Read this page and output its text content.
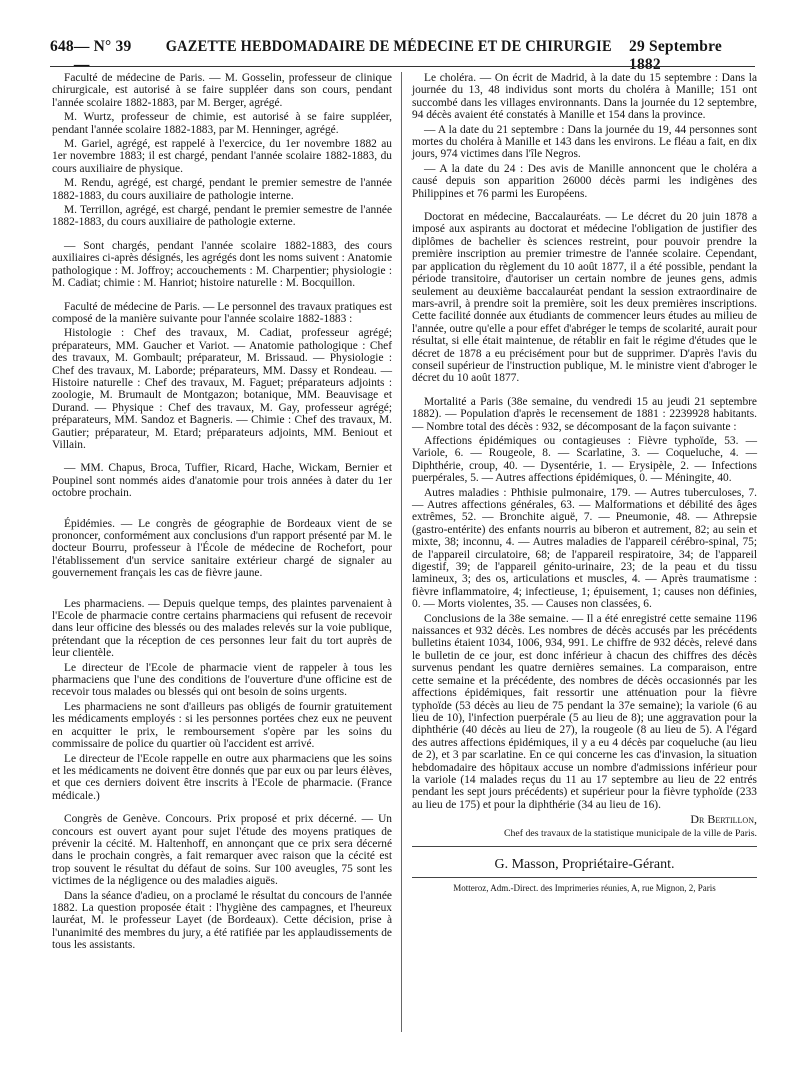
648 — N° 39 —
GAZETTE HEBDOMADAIRE DE MÉDECINE ET DE CHIRURGIE 29 Septembre 1882

Faculté de médecine de Paris. — M. Gosselin, professeur de clinique chirurgicale, est autorisé à se faire suppléer dans son cours, pendant l'année scolaire 1882-1883, par M. Berger, agrégé.

M. Wurtz, professeur de chimie, est autorisé à se faire suppléer, pendant l'année scolaire 1882-1883, par M. Henninger, agrégé.

M. Gariel, agrégé, est rappelé à l'exercice, du 1er novembre 1882 au 1er novembre 1883; il est chargé, pendant l'année scolaire 1882-1883, du cours auxiliaire de physique.

M. Rendu, agrégé, est chargé, pendant le premier semestre de l'année 1882-1883, du cours auxiliaire de pathologie interne.

M. Terrillon, agrégé, est chargé, pendant le premier semestre de l'année 1882-1883, du cours auxiliaire de pathologie externe.

— Sont chargés, pendant l'année scolaire 1882-1883, des cours auxiliaires ci-après désignés, les agrégés dont les noms suivent : Anatomie pathologique : M. Joffroy; accouchements : M. Charpentier; physiologie : M. Cadiat; chimie : M. Hanriot; histoire naturelle : M. Bocquillon.

Faculté de médecine de Paris. — Le personnel des travaux pratiques est composé de la manière suivante pour l'année scolaire 1882-1883 :

Histologie : Chef des travaux, M. Cadiat, professeur agrégé; préparateurs, MM. Gaucher et Variot. — Anatomie pathologique : Chef des travaux, M. Gombault; préparateur, M. Brissaud. — Physiologie : Chef des travaux, M. Laborde; préparateurs, MM. Dassy et Rondeau. — Histoire naturelle : Chef des travaux, M. Faguet; préparateurs adjoints : zoologie, M. Brumault de Montgazon; botanique, MM. Beauvisage et Durand. — Physique : Chef des travaux, M. Gay, professeur agrégé; préparateurs, MM. Sandoz et Bagneris. — Chimie : Chef des travaux, M. Gautier; préparateur, M. Etard; préparateurs adjoints, MM. Beniout et Villain.

— MM. Chapus, Broca, Tuffier, Ricard, Hache, Wickam, Bernier et Poupinel sont nommés aides d'anatomie pour trois années à dater du 1er octobre prochain.

Épidémies. — Le congrès de géographie de Bordeaux vient de se prononcer, conformément aux conclusions d'un rapport présenté par M. le docteur Bourru, professeur à l'École de médecine de Rochefort, pour l'établissement d'un service sanitaire extérieur chargé de signaler au gouvernement français les cas de fièvre jaune.

Les pharmaciens. — Depuis quelque temps, des plaintes parvenaient à l'Ecole de pharmacie contre certains pharmaciens qui refusent de recevoir dans leur officine des blessés ou des malades relevés sur la voie publique, prétendant que la réception de ces personnes leur fait du tort auprès de leur clientèle.

Le directeur de l'Ecole de pharmacie vient de rappeler à tous les pharmaciens que l'une des conditions de l'ouverture d'une officine est de recevoir tous malades ou blessés qui ont besoin de soins urgents.

Les pharmaciens ne sont d'ailleurs pas obligés de fournir gratuitement les médicaments employés : si les personnes portées chez eux ne peuvent en acquitter le prix, le remboursement s'opère par les soins du commissaire de police du quartier où l'accident est arrivé.

Le directeur de l'Ecole rappelle en outre aux pharmaciens que les soins et les médicaments ne doivent être donnés que par eux ou par leurs élèves, et que ces derniers doivent être inscrits à l'Ecole de pharmacie. (France médicale.)

Congrès de Genève. Concours. Prix proposé et prix décerné. — Un concours est ouvert ayant pour sujet l'étude des moyens pratiques de prévenir la cécité. M. Haltenhoff, en annonçant que ce prix sera décerné dans le prochain congrès, a fait remarquer avec raison que la cécité est trop souvent le résultat du défaut de soins. Sur 100 aveugles, 75 sont les victimes de la négligence ou des maladies aiguës.

Dans la séance d'adieu, on a proclamé le résultat du concours de l'année 1882. La question proposée était : l'hygiène des campagnes, et l'heureux lauréat, M. le professeur Layet (de Bordeaux). Cette décision, prise à l'unanimité des membres du jury, a été ratifiée par les applaudissements de tous les assistants.

Le choléra. — On écrit de Madrid, à la date du 15 septembre : Dans la journée du 13, 48 individus sont morts du choléra à Manille; 151 ont succombé dans les villages environnants. Dans la journée du 12 septembre, 94 décès avaient été constatés à Manille et 154 dans la province.

— A la date du 21 septembre : Dans la journée du 19, 44 personnes sont mortes du choléra à Manille et 143 dans les environs. Le fléau a fait, en dix jours, 974 victimes dans l'île Negros.

— A la date du 24 : Des avis de Manille annoncent que le choléra a causé depuis son apparition 26000 décès parmi les indigènes des Philippines et 76 parmi les Européens.

Doctorat en médecine, Baccalauréats. — Le décret du 20 juin 1878 a imposé aux aspirants au doctorat et médecine l'obligation de justifier des diplômes de bachelier ès sciences restreint, pour pouvoir prendre la première inscription au premier trimestre de l'année scolaire. Cependant, par application du règlement du 10 août 1877, il a été possible, pendant la période transitoire, d'autoriser un certain nombre de jeunes gens, admis seulement au deuxième baccalauréat pendant la session extraordinaire de mars-avril, à prendre soit la première, soit les deux premières inscriptions. Cette facilité donnée aux étudiants de commencer leurs études au milieu de l'année, outre qu'elle a pour effet d'abréger le temps de scolarité, aurait pour résultat, si elle était maintenue, de rétablir en fait le régime d'études que le décret de 1878 a eu précisément pour but de supprimer. D'après l'avis du conseil supérieur de l'instruction publique, M. le ministre vient d'abroger le décret du 10 août 1877.

Mortalité a Paris (38e semaine, du vendredi 15 au jeudi 21 septembre 1882). — Population d'après le recensement de 1881 : 2239928 habitants. — Nombre total des décès : 932, se décomposant de la façon suivante :

Affections épidémiques ou contagieuses : Fièvre typhoïde, 53. — Variole, 6. — Rougeole, 8. — Scarlatine, 3. — Coqueluche, 4. — Diphthérie, croup, 40. — Dysentérie, 1. — Erysipèle, 2. — Infections puerpérales, 5. — Autres affections épidémiques, 0. — Méningite, 40.

Autres maladies : Phthisie pulmonaire, 179. — Autres tuberculoses, 7. — Autres affections générales, 63. — Malformations et débilité des âges extrêmes, 52. — Bronchite aiguë, 7. — Pneumonie, 48. — Athrepsie (gastro-entérite) des enfants nourris au biberon et autrement, 82; au sein et mixte, 38; inconnu, 4. — Autres maladies de l'appareil cérébro-spinal, 75; de l'appareil circulatoire, 68; de l'appareil respiratoire, 34; de l'appareil digestif, 39; de l'appareil génito-urinaire, 23; de la peau et du tissu lamineux, 3; des os, articulations et muscles, 4. — Après traumatisme : fièvre inflammatoire, 4; infectieuse, 1; épuisement, 1; causes non définies, 0. — Morts violentes, 35. — Causes non classées, 6.

Conclusions de la 38e semaine. — Il a été enregistré cette semaine 1196 naissances et 932 décès. Les nombres de décès accusés par les précédents bulletins étaient 1034, 1006, 934, 991. Le chiffre de 932 décès, relevé dans le bulletin de ce jour, est donc inférieur à chacun des chiffres des décès survenus pendant les quatre dernières semaines. La comparaison, entre cette semaine et la précédente, des nombres de décès occasionnés par les affections épidémiques, fait ressortir une atténuation pour la fièvre typhoïde (53 décès au lieu de 75 pendant la 37e semaine); la variole (6 au lieu de 10), l'infection puerpérale (5 au lieu de 8); une aggravation pour la diphthérie (40 décès au lieu de 27), la rougeole (8 au lieu de 5). A l'égard des autres affections épidémiques, il y a eu 4 décès par coqueluche (au lieu de 2), et 3 par scarlatine. En ce qui concerne les cas d'invasion, la situation hebdomadaire des hôpitaux accuse un nombre d'admissions inférieur pour la variole (14 malades reçus du 11 au 17 septembre au lieu de 22 entrés pendant les sept jours précédents) et supérieur pour la fièvre typhoïde (233 au lieu de 175) et pour la diphthérie (34 au lieu de 16).

Dr Bertillon,
Chef des travaux de la statistique municipale de la ville de Paris.
G. Masson, Propriétaire-Gérant.
Motteroz, Adm.-Direct. des Imprimeries réunies, A, rue Mignon, 2, Paris
